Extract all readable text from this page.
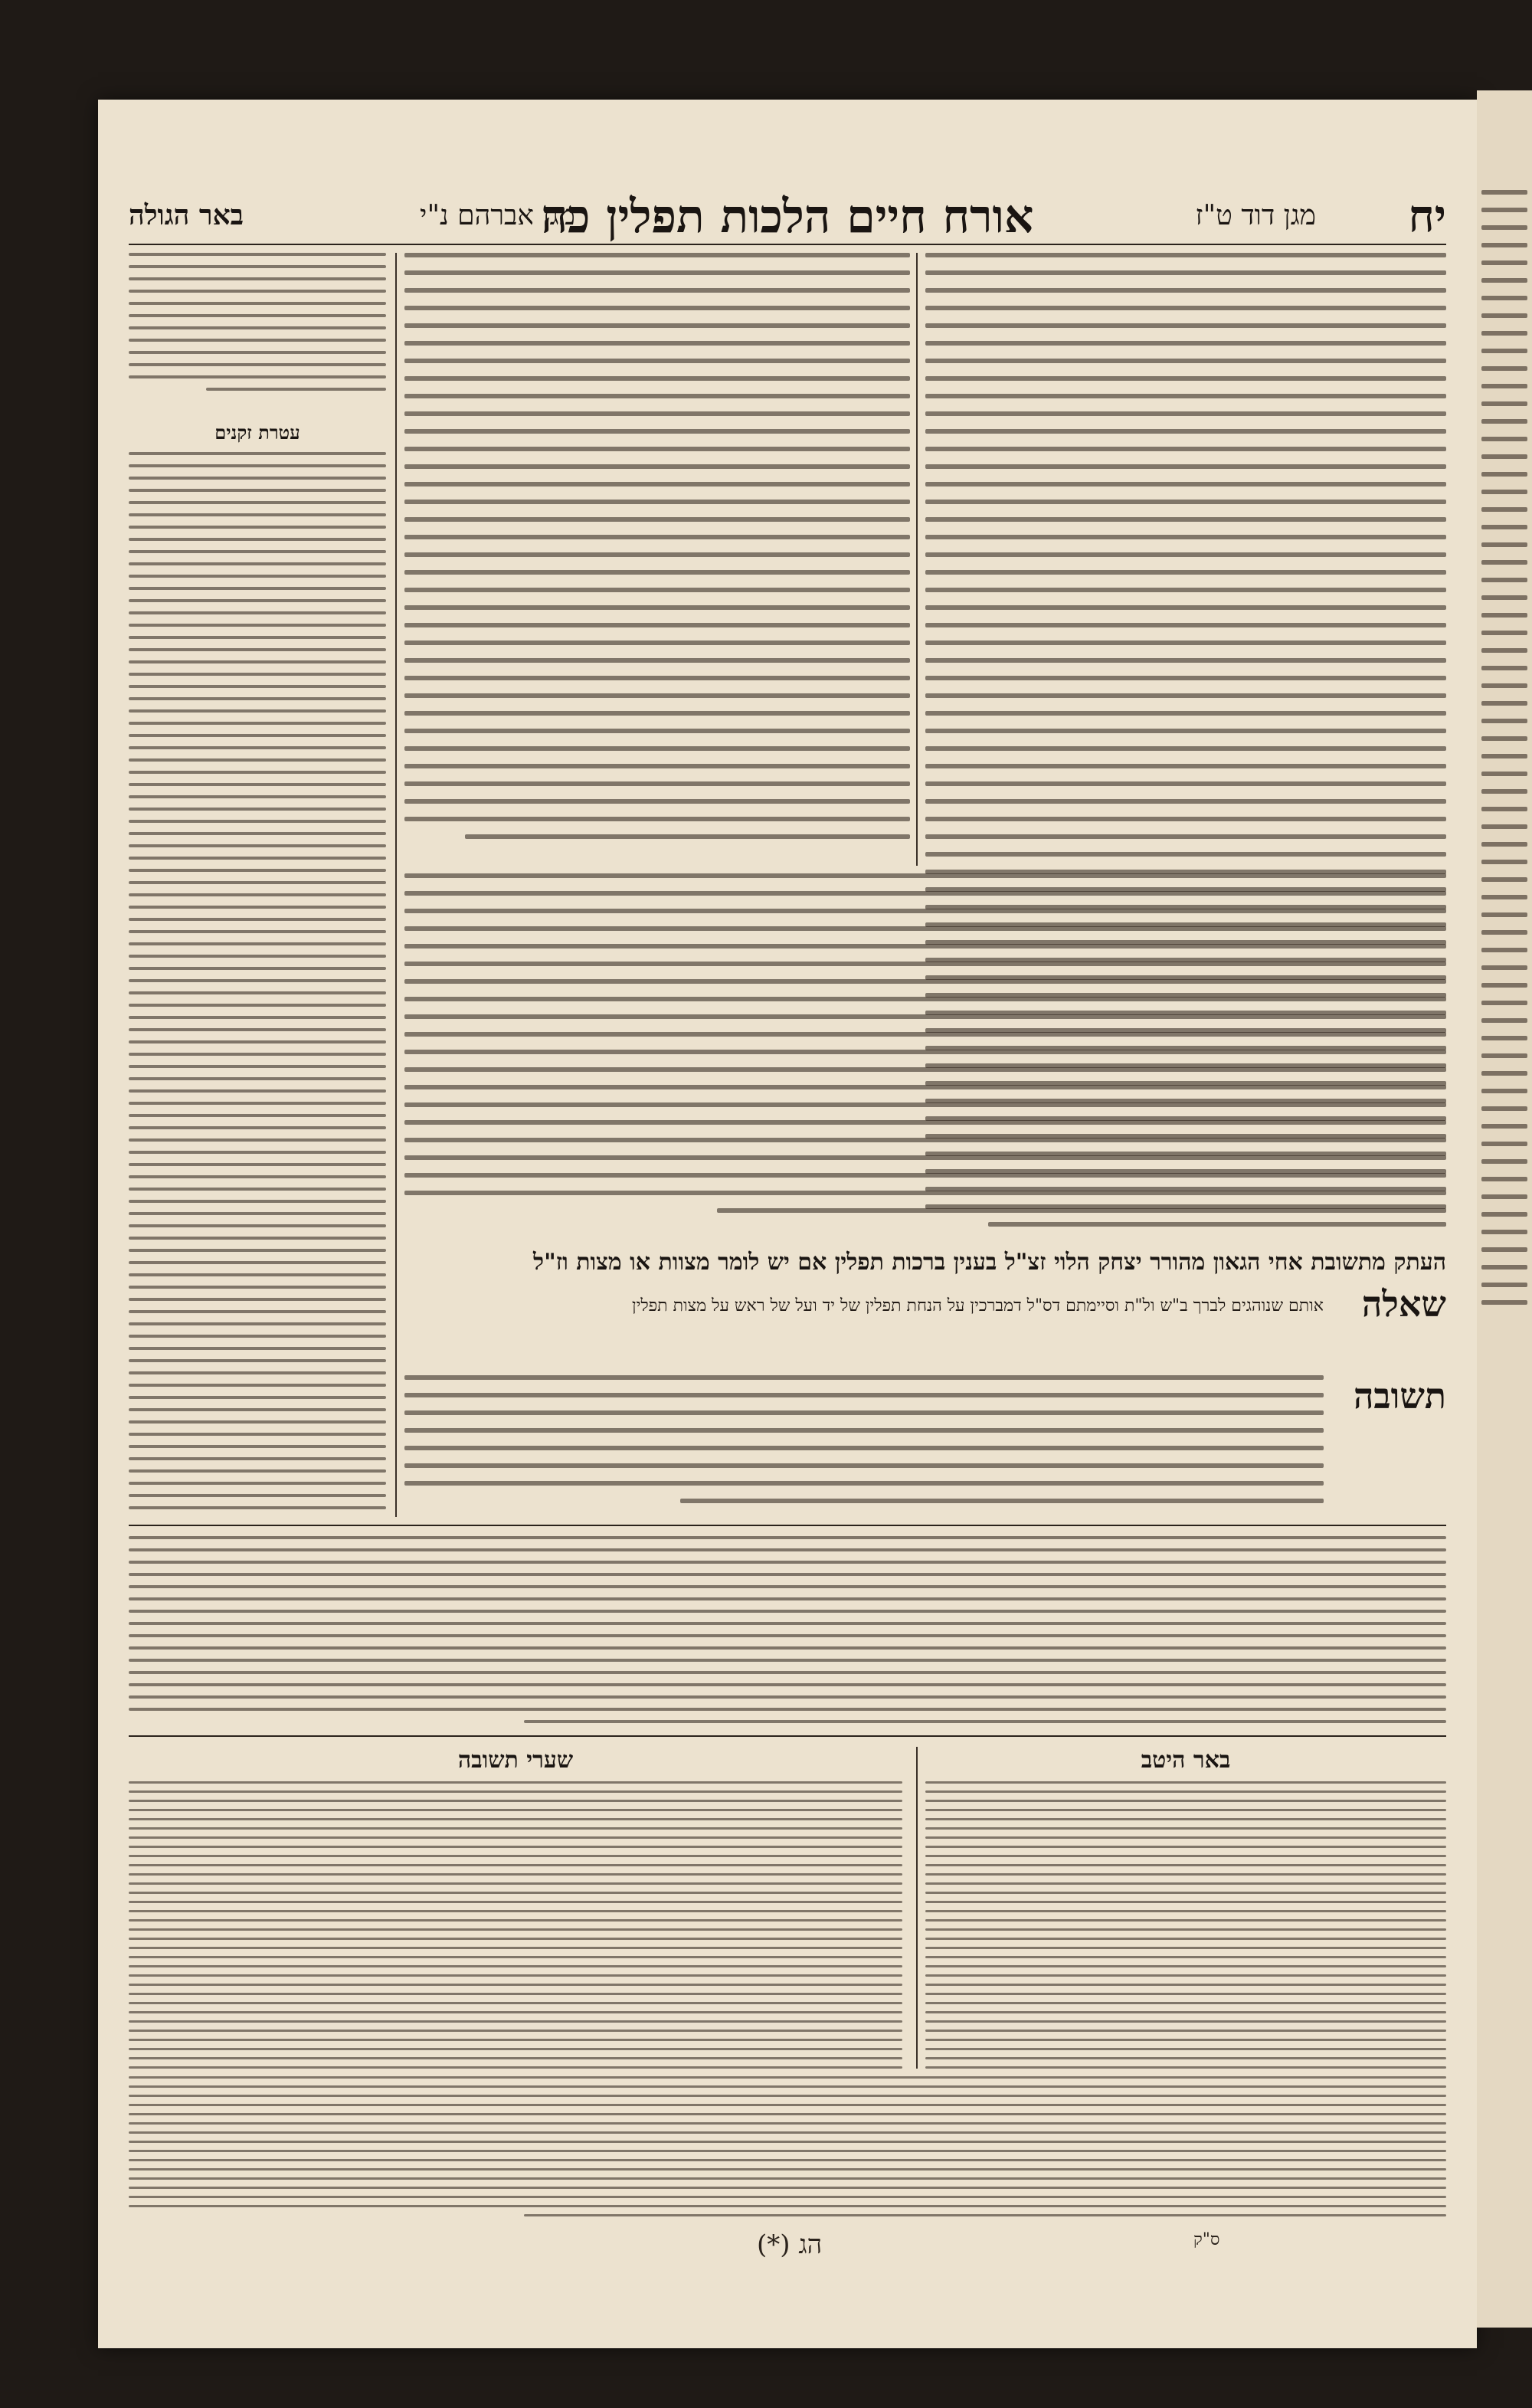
יח
מגן דוד ט"ז
אורח חיים הלכות תפלין כה
מגן אברהם נ"י
באר הגולה
עטרת זקנים
העתק מתשובת אחי הגאון מהורר יצחק הלוי זצ"ל בענין ברכות תפלין אם יש לומר מצוות או מצות וז"ל
שאלה
אותם שנוהגים לברך ב"ש ול"ת וסיימתם דס"ל דמברכין על הנחת תפלין של יד ועל של ראש על מצות תפלין
תשובה
באר היטב
שערי תשובה
(*) הג	ס"ק
